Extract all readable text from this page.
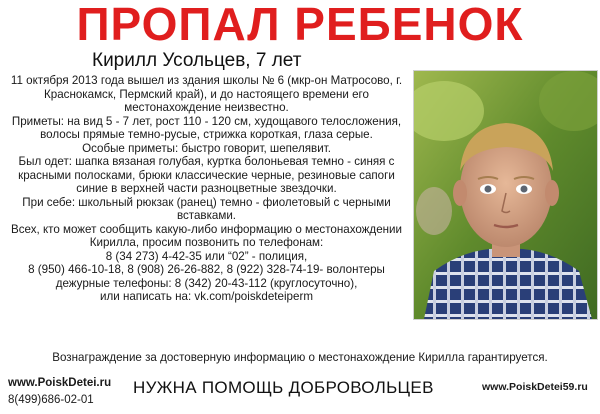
ПРОПАЛ РЕБЕНОК
Кирилл Усольцев, 7 лет

11 октября 2013 года вышел из здания школы № 6 (мкр-он Матросово, г. Краснокамск, Пермский край), и до настоящего времени его местонахождение неизвестно.

Приметы: на вид 5 - 7 лет, рост 110 - 120 см, худощавого телосложения, волосы прямые темно-русые, стрижка короткая, глаза серые.

Особые приметы: быстро говорит, шепелявит.

Был одет: шапка вязаная голубая, куртка болоньевая темно - синяя с красными полосками, брюки классические черные, резиновые сапоги синие в верхней части разноцветные звездочки.

При себе: школьный рюкзак (ранец) темно - фиолетовый с черными вставками.

Всех, кто может сообщить какую-либо информацию о местонахождении Кирилла, просим позвонить по телефонам:

8 (34 273) 4-42-35 или “02” - полиция,

8 (950) 466-10-18, 8 (908) 26-26-882, 8 (922) 328-74-19- волонтеры

дежурные телефоны: 8 (342) 20-43-112 (круглосуточно),

или написать на: vk.com/poiskdeteiperm

Вознаграждение за достоверную информацию о местонахождение Кирилла гарантируется.
www.PoiskDetei.ru
8(499)686-02-01
НУЖНА ПОМОЩЬ ДОБРОВОЛЬЦЕВ	www.PoiskDetei59.ru
